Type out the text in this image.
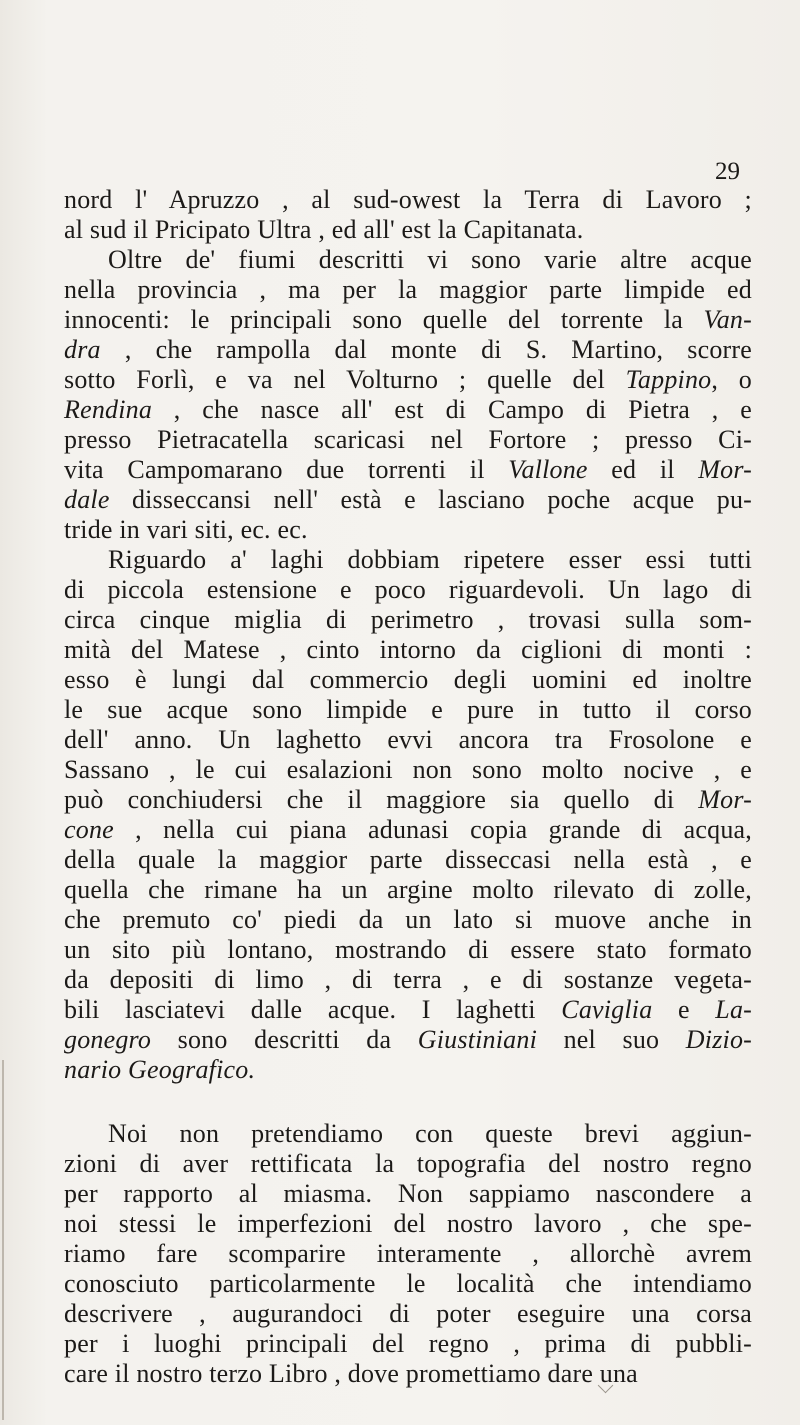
29
nord l' Apruzzo , al sud-owest la Terra di Lavoro ;
al sud il Pricipato Ultra , ed all' est la Capitanata.
Oltre de' fiumi descritti vi sono varie altre acque
nella provincia , ma per la maggior parte limpide ed
innocenti: le principali sono quelle del torrente la Van-
dra , che rampolla dal monte di S. Martino, scorre
sotto Forlì, e va nel Volturno ; quelle del Tappino, o
Rendina , che nasce all' est di Campo di Pietra , e
presso Pietracatella scaricasi nel Fortore ; presso Ci-
vita Campomarano due torrenti il Vallone ed il Mor-
dale disseccansi nell' està e lasciano poche acque pu-
tride in vari siti, ec. ec.
Riguardo a' laghi dobbiam ripetere esser essi tutti
di piccola estensione e poco riguardevoli. Un lago di
circa cinque miglia di perimetro , trovasi sulla som-
mità del Matese , cinto intorno da ciglioni di monti :
esso è lungi dal commercio degli uomini ed inoltre
le sue acque sono limpide e pure in tutto il corso
dell' anno. Un laghetto evvi ancora tra Frosolone e
Sassano , le cui esalazioni non sono molto nocive , e
può conchiudersi che il maggiore sia quello di Mor-
cone , nella cui piana adunasi copia grande di acqua,
della quale la maggior parte disseccasi nella està , e
quella che rimane ha un argine molto rilevato di zolle,
che premuto co' piedi da un lato si muove anche in
un sito più lontano, mostrando di essere stato formato
da depositi di limo , di terra , e di sostanze vegeta-
bili lasciatevi dalle acque. I laghetti Caviglia e La-
gonegro sono descritti da Giustiniani nel suo Dizio-
nario Geografico.
Noi non pretendiamo con queste brevi aggiun-
zioni di aver rettificata la topografia del nostro regno
per rapporto al miasma. Non sappiamo nascondere a
noi stessi le imperfezioni del nostro lavoro , che spe-
riamo fare scomparire interamente , allorchè avrem
conosciuto particolarmente le località che intendiamo
descrivere , augurandoci di poter eseguire una corsa
per i luoghi principali del regno , prima di pubbli-
care il nostro terzo Libro , dove promettiamo dare una
